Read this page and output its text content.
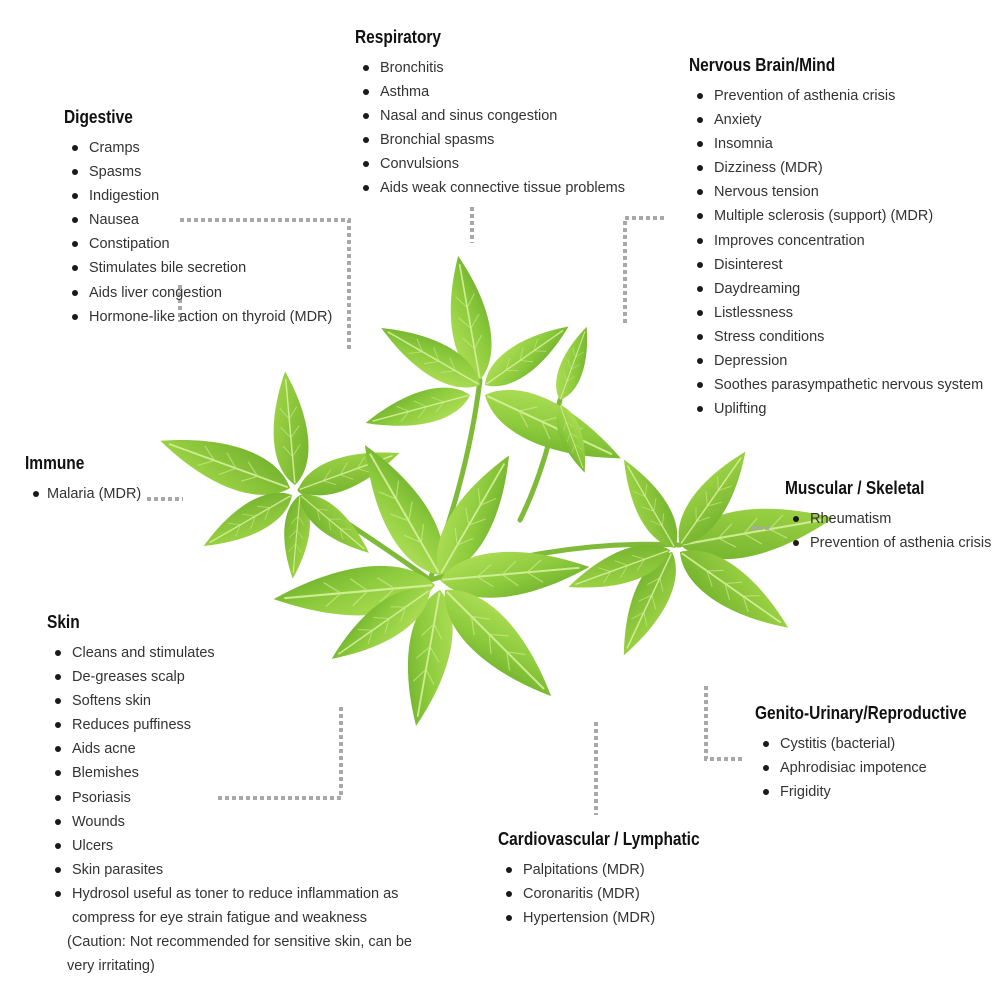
Respiratory
Bronchitis
Asthma
Nasal and sinus congestion
Bronchial spasms
Convulsions
Aids weak connective tissue problems
Nervous Brain/Mind
Prevention of asthenia crisis
Anxiety
Insomnia
Dizziness (MDR)
Nervous tension
Multiple sclerosis (support) (MDR)
Improves concentration
Disinterest
Daydreaming
Listlessness
Stress conditions
Depression
Soothes parasympathetic nervous system
Uplifting
Digestive
Cramps
Spasms
Indigestion
Nausea
Constipation
Stimulates bile secretion
Aids liver congestion
Hormone-like action on thyroid (MDR)
Immune
Malaria (MDR)	Muscular / Skeletal
Rheumatism
Prevention of asthenia crisis
Skin
Cleans and stimulates
De-greases scalp
Softens skin
Reduces puffiness
Aids acne
Blemishes
Psoriasis
Wounds
Ulcers
Skin parasites
Hydrosol useful as toner to reduce inflammation as compress for eye strain fatigue and weakness
(Caution: Not recommended for sensitive skin, can be very irritating)
Genito-Urinary/Reproductive
Cystitis (bacterial)
Aphrodisiac impotence
Frigidity
Cardiovascular / Lymphatic
Palpitations (MDR)
Coronaritis (MDR)
Hypertension (MDR)
